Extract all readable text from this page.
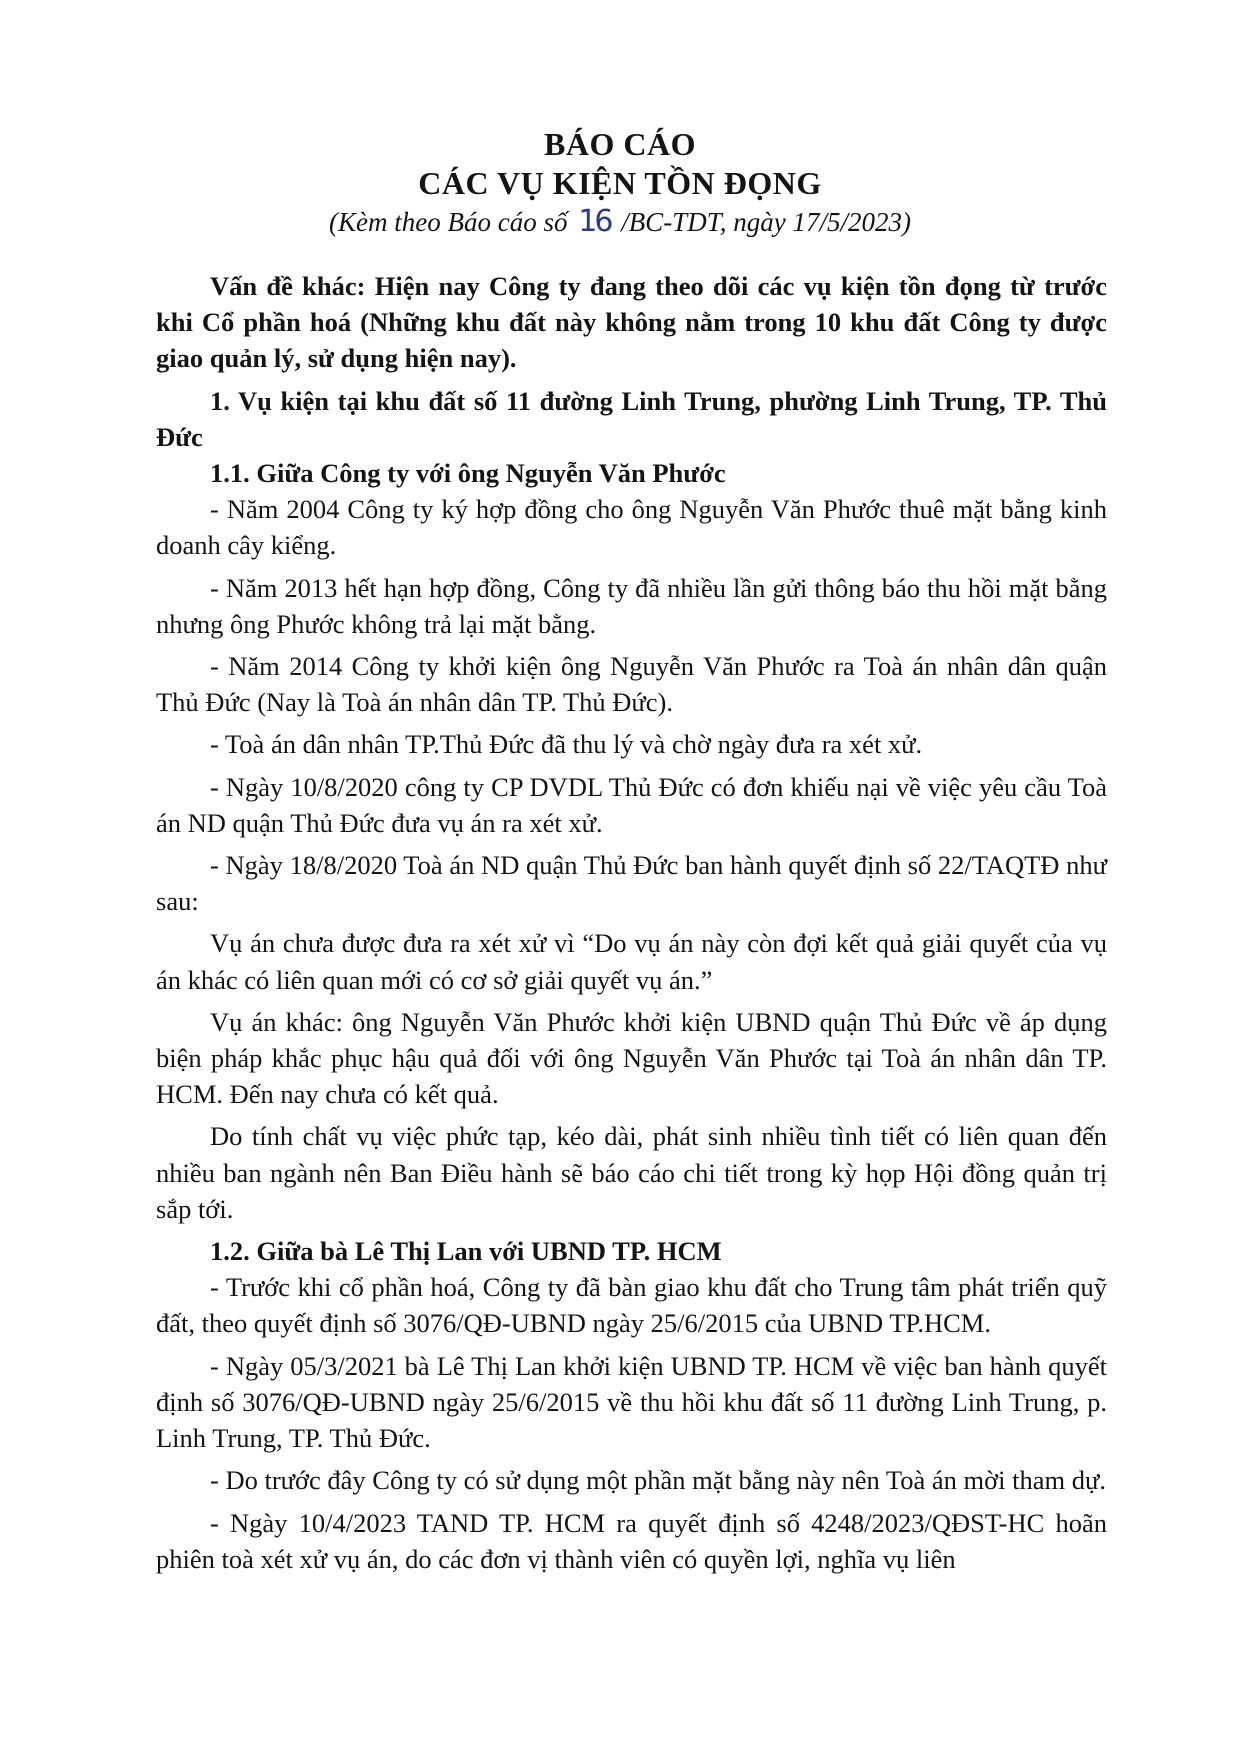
BÁO CÁO
CÁC VỤ KIỆN TỒN ĐỌNG
(Kèm theo Báo cáo số 16 /BC-TDT, ngày 17/5/2023)

Vấn đề khác: Hiện nay Công ty đang theo dõi các vụ kiện tồn đọng từ trước khi Cổ phần hoá (Những khu đất này không nằm trong 10 khu đất Công ty được giao quản lý, sử dụng hiện nay).

1. Vụ kiện tại khu đất số 11 đường Linh Trung, phường Linh Trung, TP. Thủ Đức

1.1. Giữa Công ty với ông Nguyễn Văn Phước

- Năm 2004 Công ty ký hợp đồng cho ông Nguyễn Văn Phước thuê mặt bằng kinh doanh cây kiểng.

- Năm 2013 hết hạn hợp đồng, Công ty đã nhiều lần gửi thông báo thu hồi mặt bằng nhưng ông Phước không trả lại mặt bằng.

- Năm 2014 Công ty khởi kiện ông Nguyễn Văn Phước ra Toà án nhân dân quận Thủ Đức (Nay là Toà án nhân dân TP. Thủ Đức).

- Toà án dân nhân TP.Thủ Đức đã thu lý và chờ ngày đưa ra xét xử.

- Ngày 10/8/2020 công ty CP DVDL Thủ Đức có đơn khiếu nại về việc yêu cầu Toà án ND quận Thủ Đức đưa vụ án ra xét xử.

- Ngày 18/8/2020 Toà án ND quận Thủ Đức ban hành quyết định số 22/TAQTĐ như sau:

Vụ án chưa được đưa ra xét xử vì “Do vụ án này còn đợi kết quả giải quyết của vụ án khác có liên quan mới có cơ sở giải quyết vụ án.”

Vụ án khác: ông Nguyễn Văn Phước khởi kiện UBND quận Thủ Đức về áp dụng biện pháp khắc phục hậu quả đối với ông Nguyễn Văn Phước tại Toà án nhân dân TP. HCM. Đến nay chưa có kết quả.

Do tính chất vụ việc phức tạp, kéo dài, phát sinh nhiều tình tiết có liên quan đến nhiều ban ngành nên Ban Điều hành sẽ báo cáo chi tiết trong kỳ họp Hội đồng quản trị sắp tới.

1.2. Giữa bà Lê Thị Lan với UBND TP. HCM

- Trước khi cổ phần hoá, Công ty đã bàn giao khu đất cho Trung tâm phát triển quỹ đất, theo quyết định số 3076/QĐ-UBND ngày 25/6/2015 của UBND TP.HCM.

- Ngày 05/3/2021 bà Lê Thị Lan khởi kiện UBND TP. HCM về việc ban hành quyết định số 3076/QĐ-UBND ngày 25/6/2015 về thu hồi khu đất số 11 đường Linh Trung, p. Linh Trung, TP. Thủ Đức.

- Do trước đây Công ty có sử dụng một phần mặt bằng này nên Toà án mời tham dự.

- Ngày 10/4/2023 TAND TP. HCM ra quyết định số 4248/2023/QĐST-HC hoãn phiên toà xét xử vụ án, do các đơn vị thành viên có quyền lợi, nghĩa vụ liên
